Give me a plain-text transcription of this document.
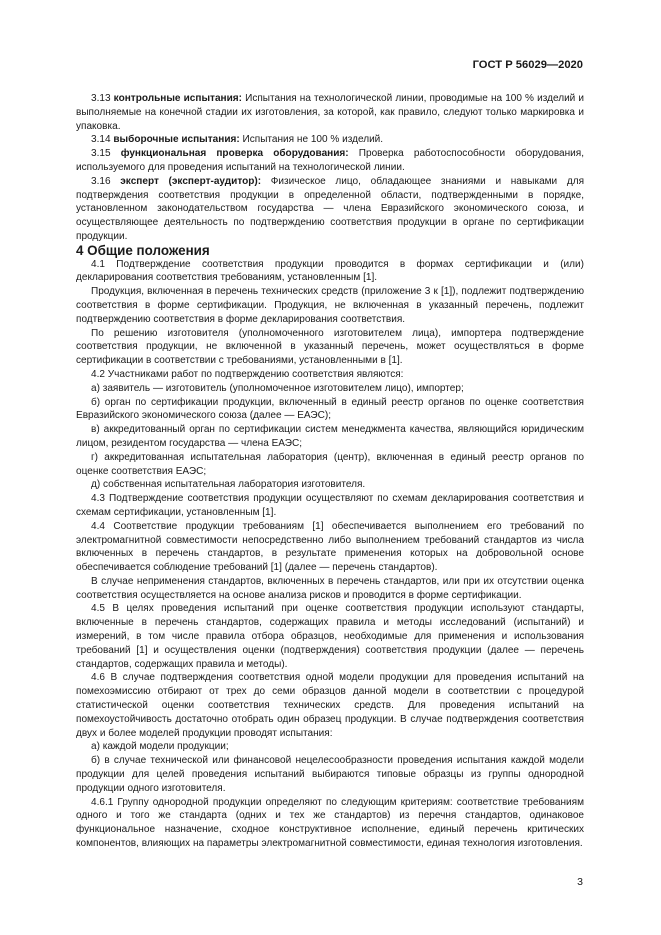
ГОСТ Р 56029—2020

3.13 контрольные испытания: Испытания на технологической линии, проводимые на 100 % изделий и выполняемые на конечной стадии их изготовления, за которой, как правило, следуют только маркировка и упаковка.

3.14 выборочные испытания: Испытания не 100 % изделий.

3.15 функциональная проверка оборудования: Проверка работоспособности оборудования, используемого для проведения испытаний на технологической линии.

3.16 эксперт (эксперт-аудитор): Физическое лицо, обладающее знаниями и навыками для подтверждения соответствия продукции в определенной области, подтвержденными в порядке, установленном законодательством государства — члена Евразийского экономического союза, и осуществляющее деятельность по подтверждению соответствия продукции в органе по сертификации продукции.

4 Общие положения

4.1 Подтверждение соответствия продукции проводится в формах сертификации и (или) декларирования соответствия требованиям, установленным [1].

Продукция, включенная в перечень технических средств (приложение 3 к [1]), подлежит подтверждению соответствия в форме сертификации. Продукция, не включенная в указанный перечень, подлежит подтверждению соответствия в форме декларирования соответствия.

По решению изготовителя (уполномоченного изготовителем лица), импортера подтверждение соответствия продукции, не включенной в указанный перечень, может осуществляться в форме сертификации в соответствии с требованиями, установленными в [1].

4.2 Участниками работ по подтверждению соответствия являются:

а) заявитель — изготовитель (уполномоченное изготовителем лицо), импортер;

б) орган по сертификации продукции, включенный в единый реестр органов по оценке соответствия Евразийского экономического союза (далее — ЕАЭС);

в) аккредитованный орган по сертификации систем менеджмента качества, являющийся юридическим лицом, резидентом государства — члена ЕАЭС;

г) аккредитованная испытательная лаборатория (центр), включенная в единый реестр органов по оценке соответствия ЕАЭС;

д) собственная испытательная лаборатория изготовителя.

4.3 Подтверждение соответствия продукции осуществляют по схемам декларирования соответствия и схемам сертификации, установленным [1].

4.4 Соответствие продукции требованиям [1] обеспечивается выполнением его требований по электромагнитной совместимости непосредственно либо выполнением требований стандартов из числа включенных в перечень стандартов, в результате применения которых на добровольной основе обеспечивается соблюдение требований [1] (далее — перечень стандартов).

В случае неприменения стандартов, включенных в перечень стандартов, или при их отсутствии оценка соответствия осуществляется на основе анализа рисков и проводится в форме сертификации.

4.5 В целях проведения испытаний при оценке соответствия продукции используют стандарты, включенные в перечень стандартов, содержащих правила и методы исследований (испытаний) и измерений, в том числе правила отбора образцов, необходимые для применения и использования требований [1] и осуществления оценки (подтверждения) соответствия продукции (далее — перечень стандартов, содержащих правила и методы).

4.6 В случае подтверждения соответствия одной модели продукции для проведения испытаний на помехоэмиссию отбирают от трех до семи образцов данной модели в соответствии с процедурой статистической оценки соответствия технических средств. Для проведения испытаний на помехоустойчивость достаточно отобрать один образец продукции. В случае подтверждения соответствия двух и более моделей продукции проводят испытания:

а) каждой модели продукции;

б) в случае технической или финансовой нецелесообразности проведения испытания каждой модели продукции для целей проведения испытаний выбираются типовые образцы из группы однородной продукции одного изготовителя.

4.6.1 Группу однородной продукции определяют по следующим критериям: соответствие требованиям одного и того же стандарта (одних и тех же стандартов) из перечня стандартов, одинаковое функциональное назначение, сходное конструктивное исполнение, единый перечень критических компонентов, влияющих на параметры электромагнитной совместимости, единая технология изготовления.

3
